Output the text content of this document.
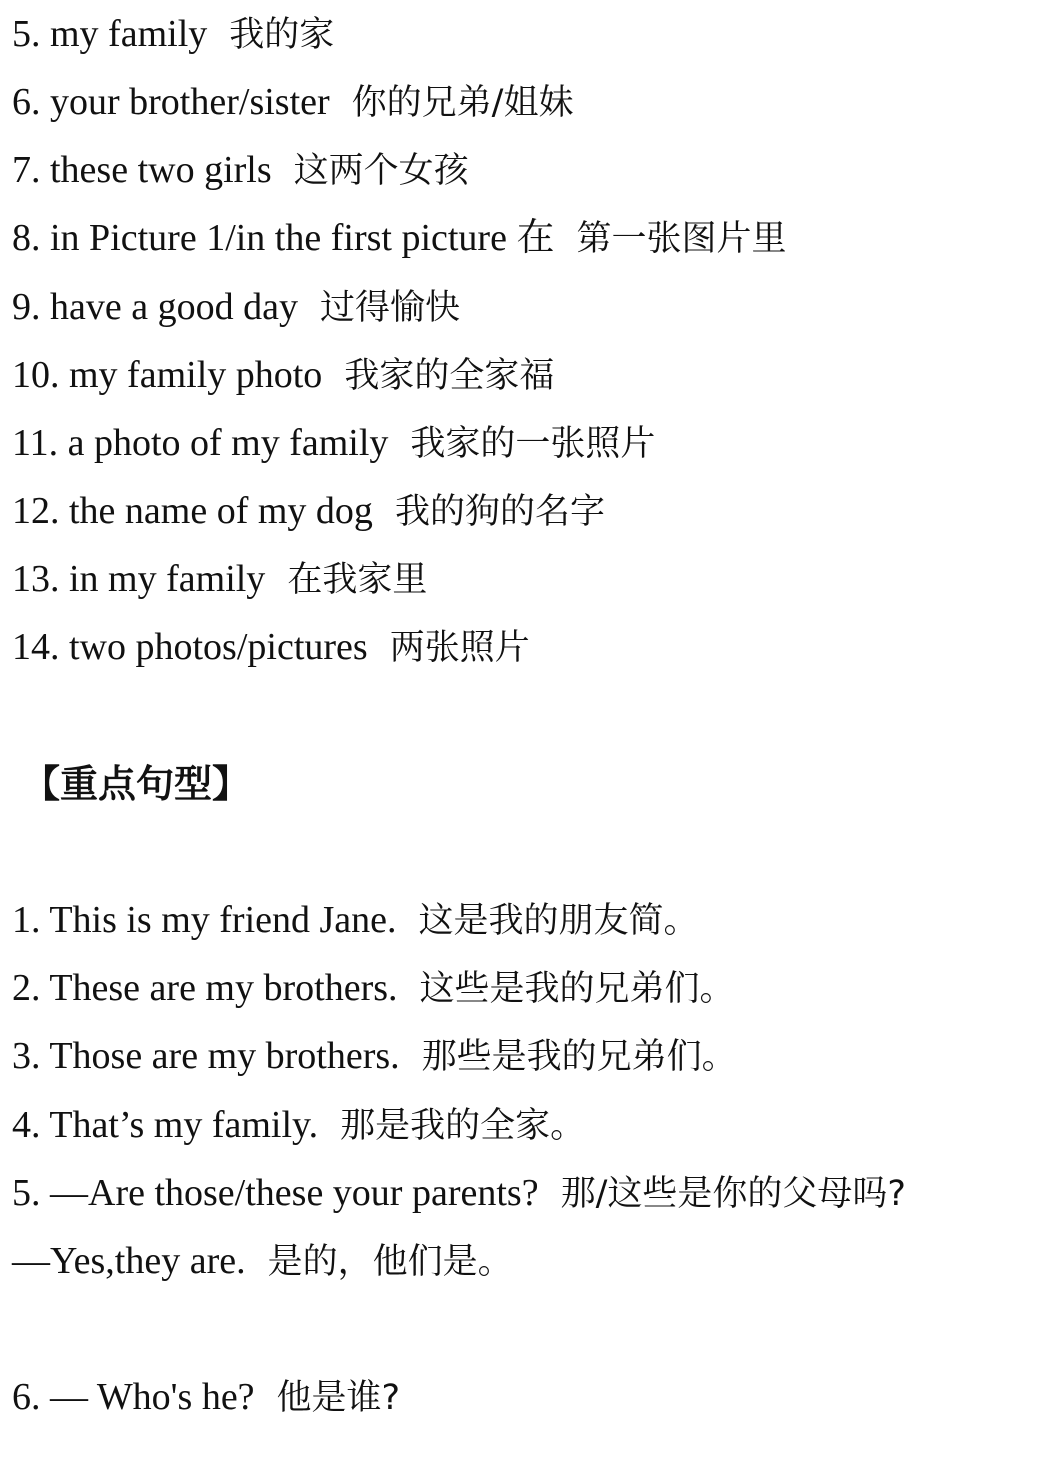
5. my family 我的家
6. your brother/sister 你的兄弟/姐妹
7. these two girls 这两个女孩
8. in Picture 1/in the first picture 在 第一张图片里
9. have a good day 过得愉快
10. my family photo 我家的全家福
11. a photo of my family 我家的一张照片
12. the name of my dog 我的狗的名字
13. in my family 在我家里
14. two photos/pictures 两张照片
【重点句型】
1. This is my friend Jane. 这是我的朋友简。
2. These are my brothers. 这些是我的兄弟们。
3. Those are my brothers. 那些是我的兄弟们。
4. That’s my family. 那是我的全家。
5. —Are those/these your parents? 那/这些是你的父母吗?
—Yes,they are. 是的，他们是。
6. — Who's he? 他是谁?
